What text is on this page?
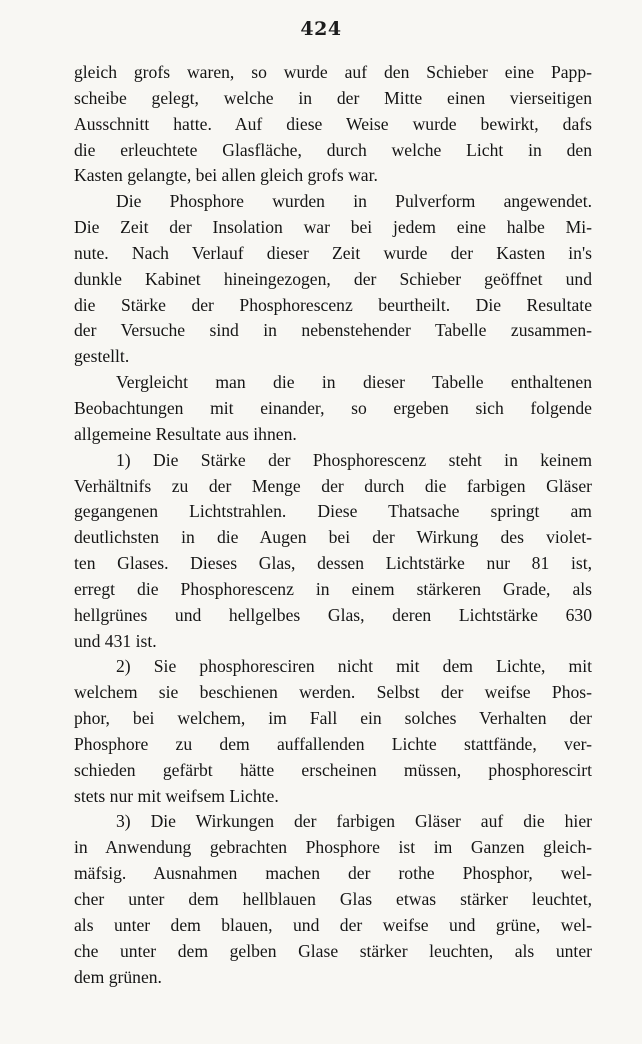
424
gleich grofs waren, so wurde auf den Schieber eine Papp-
scheibe gelegt, welche in der Mitte einen vierseitigen
Ausschnitt hatte. Auf diese Weise wurde bewirkt, dafs
die erleuchtete Glasfläche, durch welche Licht in den
Kasten gelangte, bei allen gleich grofs war.
Die Phosphore wurden in Pulverform angewendet.
Die Zeit der Insolation war bei jedem eine halbe Mi-
nute. Nach Verlauf dieser Zeit wurde der Kasten in's
dunkle Kabinet hineingezogen, der Schieber geöffnet und
die Stärke der Phosphorescenz beurtheilt. Die Resultate
der Versuche sind in nebenstehender Tabelle zusammen-
gestellt.
Vergleicht man die in dieser Tabelle enthaltenen
Beobachtungen mit einander, so ergeben sich folgende
allgemeine Resultate aus ihnen.
1) Die Stärke der Phosphorescenz steht in keinem
Verhältnifs zu der Menge der durch die farbigen Gläser
gegangenen Lichtstrahlen. Diese Thatsache springt am
deutlichsten in die Augen bei der Wirkung des violet-
ten Glases. Dieses Glas, dessen Lichtstärke nur 81 ist,
erregt die Phosphorescenz in einem stärkeren Grade, als
hellgrünes und hellgelbes Glas, deren Lichtstärke 630
und 431 ist.
2) Sie phosphoresciren nicht mit dem Lichte, mit
welchem sie beschienen werden. Selbst der weifse Phos-
phor, bei welchem, im Fall ein solches Verhalten der
Phosphore zu dem auffallenden Lichte stattfände, ver-
schieden gefärbt hätte erscheinen müssen, phosphorescirt
stets nur mit weifsem Lichte.
3) Die Wirkungen der farbigen Gläser auf die hier
in Anwendung gebrachten Phosphore ist im Ganzen gleich-
mäfsig. Ausnahmen machen der rothe Phosphor, wel-
cher unter dem hellblauen Glas etwas stärker leuchtet,
als unter dem blauen, und der weifse und grüne, wel-
che unter dem gelben Glase stärker leuchten, als unter
dem grünen.
